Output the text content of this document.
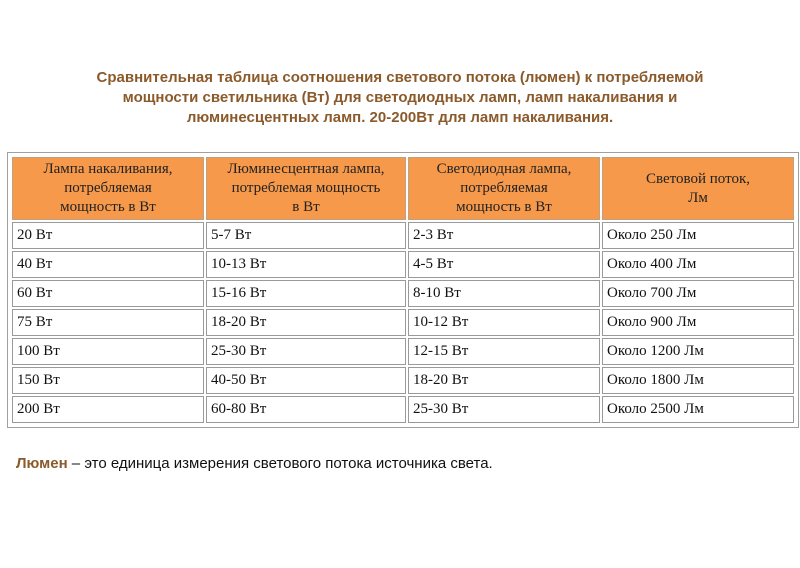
Сравнительная таблица соотношения светового потока (люмен) к потребляемой
мощности светильника (Вт) для светодиодных ламп, ламп накаливания и
люминесцентных ламп. 20-200Вт для ламп накаливания.
Лампа накаливания,
потребляемая
мощность в Вт	Люминесцентная лампа,
потреблемая мощность
в Вт	Светодиодная лампа,
потребляемая
мощность в Вт	Световой поток,
Лм

20 Вт	5-7 Вт	2-3 Вт	Около 250 Лм
40 Вт	10-13 Вт	4-5 Вт	Около 400 Лм
60 Вт	15-16 Вт	8-10 Вт	Около 700 Лм
75 Вт	18-20 Вт	10-12 Вт	Около 900 Лм
100 Вт	25-30 Вт	12-15 Вт	Около 1200 Лм
150 Вт	40-50 Вт	18-20 Вт	Около 1800 Лм
200 Вт	60-80 Вт	25-30 Вт	Около 2500 Лм
Люмен – это единица измерения светового потока источника света.
